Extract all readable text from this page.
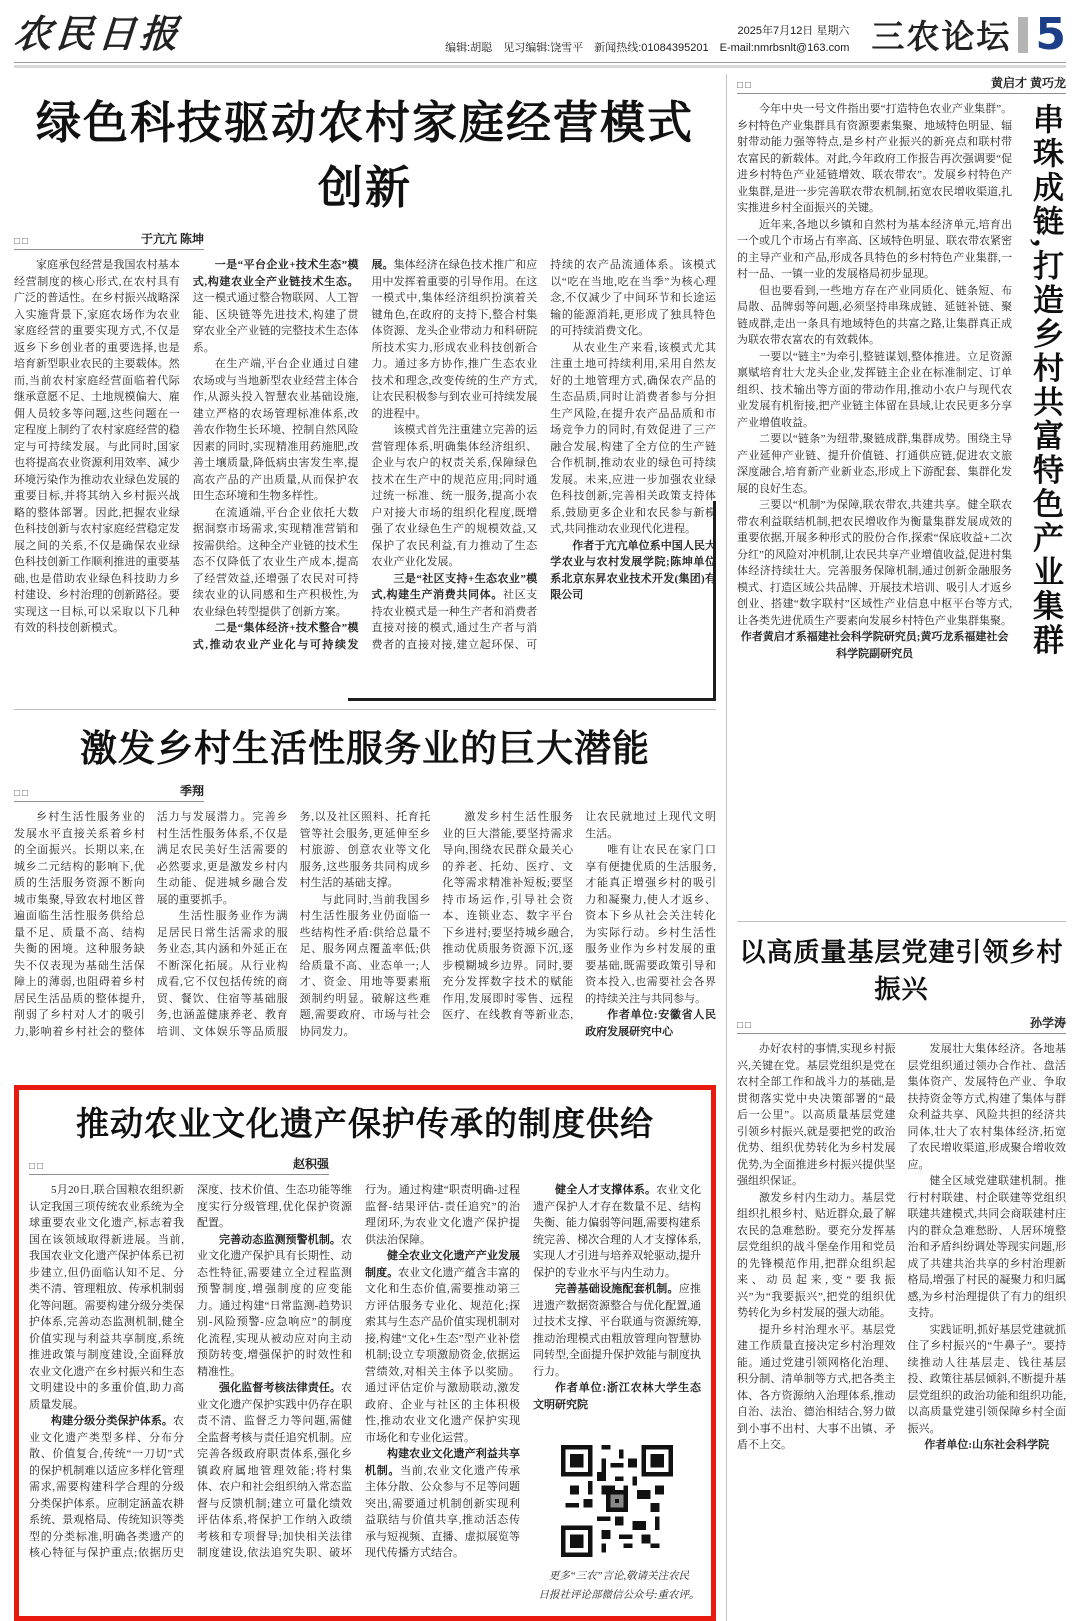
农民日报	2025年7月12日 星期六
编辑:胡聪　见习编辑:饶雪平　新闻热线:01084395201　E-mail:nmrbsnlt@163.com 三农论坛 5
绿色科技驱动农村家庭经营模式创新
□□	于亢亢 陈坤

家庭承包经营是我国农村基本经营制度的核心形式,在农村具有广泛的普适性。在乡村振兴战略深入实施背景下,家庭农场作为农业家庭经营的重要实现方式,不仅是返乡下乡创业者的重要选择,也是培育新型职业农民的主要载体。然而,当前农村家庭经营面临着代际继承意愿不足、土地规模偏大、雇佣人员较多等问题,这些问题在一定程度上制约了农村家庭经营的稳定与可持续发展。与此同时,国家也将提高农业资源利用效率、减少环境污染作为推动农业绿色发展的重要目标,并将其纳入乡村振兴战略的整体部署。因此,把握农业绿色科技创新与农村家庭经营稳定发展之间的关系,不仅是确保农业绿色科技创新工作顺利推进的重要基础,也是借助农业绿色科技助力乡村建设、乡村治理的创新路径。要实现这一目标,可以采取以下几种有效的科技创新模式。

一是“平台企业+技术生态”模式,构建农业全产业链技术生态。这一模式通过整合物联网、人工智能、区块链等先进技术,构建了贯穿农业全产业链的完整技术生态体系。

在生产端,平台企业通过自建农场或与当地新型农业经营主体合作,从源头投入智慧农业基础设施,建立严格的农场管理标准体系,改善农作物生长环境、控制自然风险因素的同时,实现精准用药施肥,改善土壤质量,降低病虫害发生率,提高农产品的产出质量,从而保护农田生态环境和生物多样性。

在流通端,平台企业依托大数据洞察市场需求,实现精准营销和按需供给。这种全产业链的技术生态不仅降低了农业生产成本,提高了经营效益,还增强了农民对可持续农业的认同感和生产积极性,为农业绿色转型提供了创新方案。

二是“集体经济+技术整合”模式,推动农业产业化与可持续发展。集体经济在绿色技术推广和应用中发挥着重要的引导作用。在这一模式中,集体经济组织扮演着关键角色,在政府的支持下,整合村集体资源、龙头企业带动力和科研院所技术实力,形成农业科技创新合力。通过多方协作,推广生态农业技术和理念,改变传统的生产方式,让农民积极参与到农业可持续发展的进程中。

该模式首先注重建立完善的运营管理体系,明确集体经济组织、企业与农户的权责关系,保障绿色技术在生产中的规范应用;同时通过统一标准、统一服务,提高小农户对接大市场的组织化程度,既增强了农业绿色生产的规模效益,又保护了农民利益,有力推动了生态农业产业化发展。

三是“社区支持+生态农业”模式,构建生产消费共同体。社区支持农业模式是一种生产者和消费者直接对接的模式,通过生产者与消费者的直接对接,建立起环保、可持续的农产品流通体系。该模式以“吃在当地,吃在当季”为核心理念,不仅减少了中间环节和长途运输的能源消耗,更形成了独具特色的可持续消费文化。

从农业生产来看,该模式尤其注重土地可持续利用,采用自然友好的土地管理方式,确保农产品的生态品质,同时让消费者参与分担生产风险,在提升农产品品质和市场竞争力的同时,有效促进了三产融合发展,构建了全方位的生产链合作机制,推动农业的绿色可持续发展。未来,应进一步加强农业绿色科技创新,完善相关政策支持体系,鼓励更多企业和农民参与新模式,共同推动农业现代化进程。

作者于亢亢单位系中国人民大学农业与农村发展学院;陈坤单位系北京东昇农业技术开发(集团)有限公司

激发乡村生活性服务业的巨大潜能
□□	季翔

乡村生活性服务业的发展水平直接关系着乡村的全面振兴。长期以来,在城乡二元结构的影响下,优质的生活服务资源不断向城市集聚,导致农村地区普遍面临生活性服务供给总量不足、质量不高、结构失衡的困境。这种服务缺失不仅表现为基础生活保障上的薄弱,也阻碍着乡村居民生活品质的整体提升,削弱了乡村对人才的吸引力,影响着乡村社会的整体活力与发展潜力。完善乡村生活性服务体系,不仅是满足农民美好生活需要的必然要求,更是激发乡村内生动能、促进城乡融合发展的重要抓手。

生活性服务业作为满足居民日常生活需求的服务业态,其内涵和外延正在不断深化拓展。从行业构成看,它不仅包括传统的商贸、餐饮、住宿等基础服务,也涵盖健康养老、教育培训、文体娱乐等品质服务,以及社区照料、托育托管等社会服务,更延伸至乡村旅游、创意农业等文化服务,这些服务共同构成乡村生活的基础支撑。

与此同时,当前我国乡村生活性服务业仍面临一些结构性矛盾:供给总量不足、服务网点覆盖率低;供给质量不高、业态单一;人才、资金、用地等要素瓶颈制约明显。破解这些难题,需要政府、市场与社会协同发力。

激发乡村生活性服务业的巨大潜能,要坚持需求导向,围绕农民群众最关心的养老、托幼、医疗、文化等需求精准补短板;要坚持市场运作,引导社会资本、连锁业态、数字平台下乡进村;要坚持城乡融合,推动优质服务资源下沉,逐步模糊城乡边界。同时,要充分发挥数字技术的赋能作用,发展即时零售、远程医疗、在线教育等新业态,让农民就地过上现代文明生活。

唯有让农民在家门口享有便捷优质的生活服务,才能真正增强乡村的吸引力和凝聚力,使人才返乡、资本下乡从社会关注转化为实际行动。乡村生活性服务业作为乡村发展的重要基础,既需要政策引导和资本投入,也需要社会各界的持续关注与共同参与。

作者单位:安徽省人民政府发展研究中心

推动农业文化遗产保护传承的制度供给
□□	赵积强

5月20日,联合国粮农组织新认定我国三项传统农业系统为全球重要农业文化遗产,标志着我国在该领域取得新进展。当前,我国农业文化遗产保护体系已初步建立,但仍面临认知不足、分类不清、管理粗放、传承机制弱化等问题。需要构建分级分类保护体系,完善动态监测机制,健全价值实现与利益共享制度,系统推进政策与制度建设,全面释放农业文化遗产在乡村振兴和生态文明建设中的多重价值,助力高质量发展。

构建分级分类保护体系。农业文化遗产类型多样、分布分散、价值复合,传统“一刀切”式的保护机制难以适应多样化管理需求,需要构建科学合理的分级分类保护体系。应制定涵盖农耕系统、景观格局、传统知识等类型的分类标准,明确各类遗产的核心特征与保护重点;依据历史深度、技术价值、生态功能等维度实行分级管理,优化保护资源配置。

完善动态监测预警机制。农业文化遗产保护具有长期性、动态性特征,需要建立全过程监测预警制度,增强制度的应变能力。通过构建“日常监测-趋势识别-风险预警-应急响应”的制度化流程,实现从被动应对向主动预防转变,增强保护的时效性和精准性。

强化监督考核法律责任。农业文化遗产保护实践中仍存在职责不清、监督乏力等问题,需健全监督考核与责任追究机制。应完善各级政府职责体系,强化乡镇政府属地管理效能;将村集体、农户和社会组织纳入常态监督与反馈机制;建立可量化绩效评估体系,将保护工作纳入政绩考核和专项督导;加快相关法律制度建设,依法追究失职、破坏行为。通过构建“职责明确-过程监督-结果评估-责任追究”的治理闭环,为农业文化遗产保护提供法治保障。

健全农业文化遗产产业发展制度。农业文化遗产蕴含丰富的文化和生态价值,需要推动第三方评估服务专业化、规范化;探索其与生态产品价值实现机制对接,构建“文化+生态”型产业补偿机制;设立专项激励资金,依据运营绩效,对相关主体予以奖励。通过评估定价与激励联动,激发政府、企业与社区的主体积极性,推动农业文化遗产保护实现市场化和专业化运营。

构建农业文化遗产利益共享机制。当前,农业文化遗产传承主体分散、公众参与不足等问题突出,需要通过机制创新实现利益联结与价值共享,推动活态传承与短视频、直播、虚拟展览等现代传播方式结合。

健全人才支撑体系。农业文化遗产保护人才存在数量不足、结构失衡、能力偏弱等问题,需要构建系统完善、梯次合理的人才支撑体系,实现人才引进与培养双轮驱动,提升保护的专业水平与内生动力。

完善基础设施配套机制。应推进遗产数据资源整合与优化配置,通过技术支撑、平台联通与资源统筹,推动治理模式由粗放管理向智慧协同转型,全面提升保护效能与制度执行力。

作者单位:浙江农林大学生态文明研究院

更多“三农”言论,敬请关注农民
日报社评论部微信公众号:重农评。
□□	黄启才 黄巧龙
串珠成链,打造乡村共富特色产业集群

今年中央一号文件指出要“打造特色农业产业集群”。乡村特色产业集群具有资源要素集聚、地域特色明显、辐射带动能力强等特点,是乡村产业振兴的新亮点和联村带农富民的新载体。对此,今年政府工作报告再次强调要“促进乡村特色产业延链增效、联农带农”。发展乡村特色产业集群,是进一步完善联农带农机制,拓宽农民增收渠道,扎实推进乡村全面振兴的关键。

近年来,各地以乡镇和自然村为基本经济单元,培育出一个或几个市场占有率高、区域特色明显、联农带农紧密的主导产业和产品,形成各具特色的乡村特色产业集群,一村一品、一镇一业的发展格局初步显现。

但也要看到,一些地方存在产业同质化、链条短、布局散、品牌弱等问题,必须坚持串珠成链、延链补链、聚链成群,走出一条具有地域特色的共富之路,让集群真正成为联农带农富农的有效载体。

一要以“链主”为牵引,整链谋划,整体推进。立足资源禀赋培育壮大龙头企业,发挥链主企业在标准制定、订单组织、技术输出等方面的带动作用,推动小农户与现代农业发展有机衔接,把产业链主体留在县域,让农民更多分享产业增值收益。

二要以“链条”为纽带,聚链成群,集群成势。围绕主导产业延伸产业链、提升价值链、打通供应链,促进农文旅深度融合,培育新产业新业态,形成上下游配套、集群化发展的良好生态。

三要以“机制”为保障,联农带农,共建共享。健全联农带农利益联结机制,把农民增收作为衡量集群发展成效的重要依据,开展多种形式的股份合作,探索“保底收益+二次分红”的风险对冲机制,让农民共享产业增值收益,促进村集体经济持续壮大。完善服务保障机制,通过创新金融服务模式、打造区域公共品牌、开展技术培训、吸引人才返乡创业、搭建“数字联村”区域性产业信息中枢平台等方式,让各类先进优质生产要素向发展乡村特色产业集群集聚。

作者黄启才系福建社会科学院研究员;黄巧龙系福建社会科学院副研究员

以高质量基层党建引领乡村振兴
□□	孙学涛

办好农村的事情,实现乡村振兴,关键在党。基层党组织是党在农村全部工作和战斗力的基础,是贯彻落实党中央决策部署的“最后一公里”。以高质量基层党建引领乡村振兴,就是要把党的政治优势、组织优势转化为乡村发展优势,为全面推进乡村振兴提供坚强组织保证。

激发乡村内生动力。基层党组织扎根乡村、贴近群众,最了解农民的急难愁盼。要充分发挥基层党组织的战斗堡垒作用和党员的先锋模范作用,把群众组织起来、动员起来,变“要我振兴”为“我要振兴”,把党的组织优势转化为乡村发展的强大动能。

提升乡村治理水平。基层党建工作质量直接决定乡村治理效能。通过党建引领网格化治理、积分制、清单制等方式,把各类主体、各方资源纳入治理体系,推动自治、法治、德治相结合,努力做到小事不出村、大事不出镇、矛盾不上交。

发展壮大集体经济。各地基层党组织通过领办合作社、盘活集体资产、发展特色产业、争取扶持资金等方式,构建了集体与群众利益共享、风险共担的经济共同体,壮大了农村集体经济,拓宽了农民增收渠道,形成聚合增收效应。

健全区域党建联建机制。推行村村联建、村企联建等党组织联建共建模式,共同会商联建村庄内的群众急难愁盼、人居环境整治和矛盾纠纷调处等现实问题,形成了共建共治共享的乡村治理新格局,增强了村民的凝聚力和归属感,为乡村治理提供了有力的组织支持。

实践证明,抓好基层党建就抓住了乡村振兴的“牛鼻子”。要持续推动人往基层走、钱往基层投、政策往基层倾斜,不断提升基层党组织的政治功能和组织功能,以高质量党建引领保障乡村全面振兴。

作者单位:山东社会科学院
